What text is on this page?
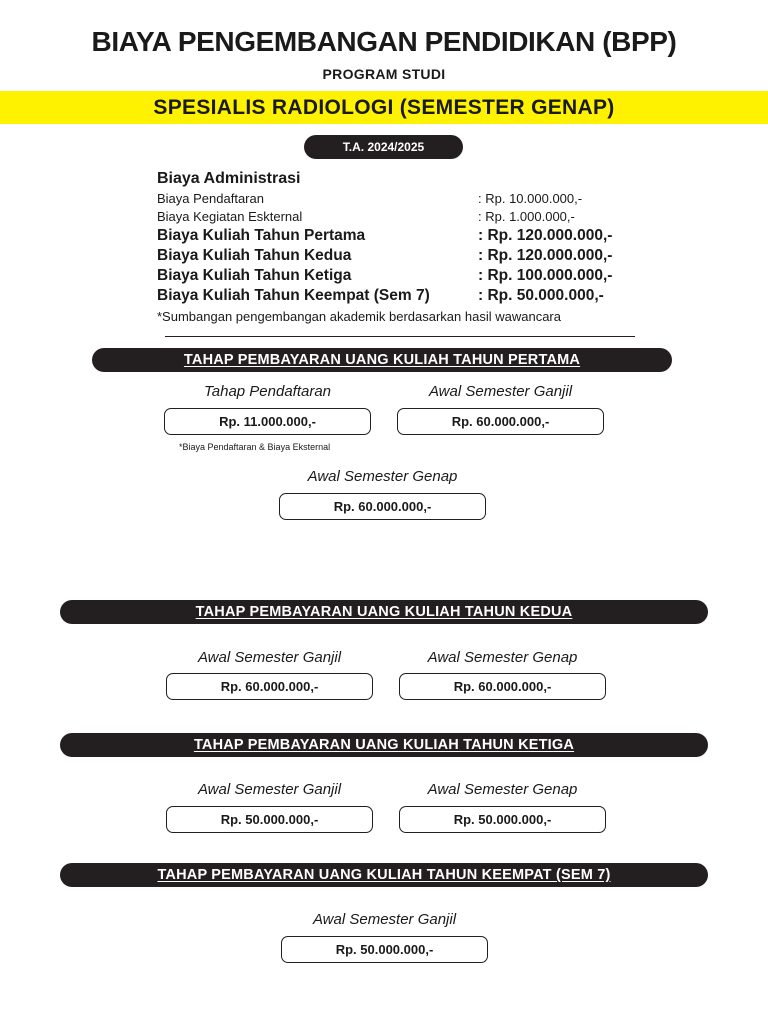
BIAYA PENGEMBANGAN PENDIDIKAN (BPP)
PROGRAM STUDI
SPESIALIS RADIOLOGI (SEMESTER GENAP)
T.A. 2024/2025
Biaya Administrasi
Biaya Pendaftaran	: Rp. 10.000.000,-
Biaya Kegiatan Eskternal	: Rp. 1.000.000,-
Biaya Kuliah Tahun Pertama	: Rp. 120.000.000,-
Biaya Kuliah Tahun Kedua	: Rp. 120.000.000,-
Biaya Kuliah Tahun Ketiga	: Rp. 100.000.000,-
Biaya Kuliah Tahun Keempat (Sem 7)	: Rp. 50.000.000,-
*Sumbangan pengembangan akademik berdasarkan hasil wawancara
TAHAP PEMBAYARAN UANG KULIAH TAHUN PERTAMA
Tahap Pendaftaran	Awal Semester Ganjil
Rp. 11.000.000,-	Rp. 60.000.000,-
*Biaya Pendaftaran & Biaya Eksternal
Awal Semester Genap
Rp. 60.000.000,-
TAHAP PEMBAYARAN UANG KULIAH TAHUN KEDUA
Awal Semester Ganjil	Awal Semester Genap
Rp. 60.000.000,-	Rp. 60.000.000,-
TAHAP PEMBAYARAN UANG KULIAH TAHUN KETIGA
Awal Semester Ganjil	Awal Semester Genap
Rp. 50.000.000,-	Rp. 50.000.000,-
TAHAP PEMBAYARAN UANG KULIAH TAHUN KEEMPAT (SEM 7)
Awal Semester Ganjil
Rp. 50.000.000,-
